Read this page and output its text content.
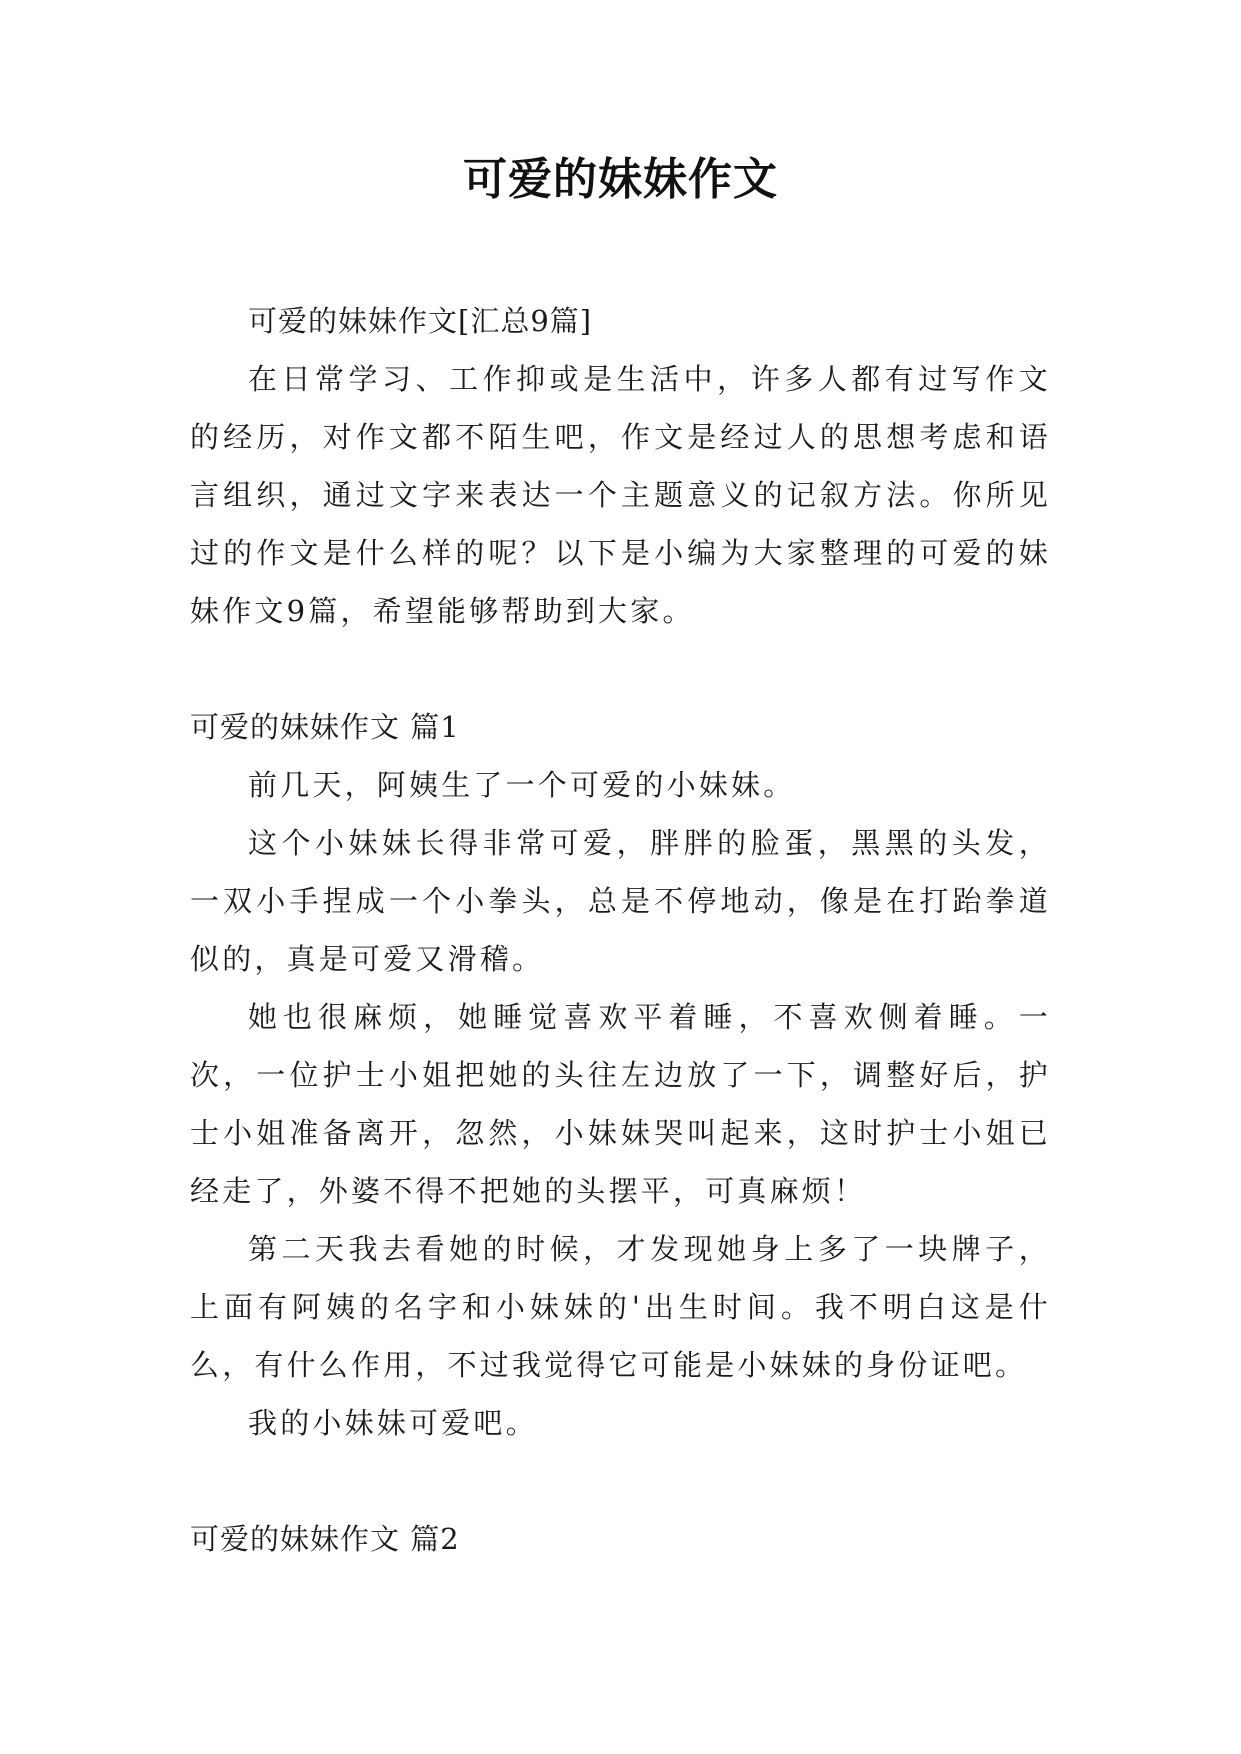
可爱的妹妹作文

可爱的妹妹作文[汇总9篇]

在日常学习、工作抑或是生活中，许多人都有过写作文的经历，对作文都不陌生吧，作文是经过人的思想考虑和语言组织，通过文字来表达一个主题意义的记叙方法。你所见过的作文是什么样的呢？以下是小编为大家整理的可爱的妹妹作文9篇，希望能够帮助到大家。

可爱的妹妹作文 篇1

前几天，阿姨生了一个可爱的小妹妹。

这个小妹妹长得非常可爱，胖胖的脸蛋，黑黑的头发，一双小手捏成一个小拳头，总是不停地动，像是在打跆拳道似的，真是可爱又滑稽。

她也很麻烦，她睡觉喜欢平着睡，不喜欢侧着睡。一次，一位护士小姐把她的头往左边放了一下，调整好后，护士小姐准备离开，忽然，小妹妹哭叫起来，这时护士小姐已经走了，外婆不得不把她的头摆平，可真麻烦！

第二天我去看她的时候，才发现她身上多了一块牌子，上面有阿姨的名字和小妹妹的'出生时间。我不明白这是什么，有什么作用，不过我觉得它可能是小妹妹的身份证吧。

我的小妹妹可爱吧。

可爱的妹妹作文 篇2
